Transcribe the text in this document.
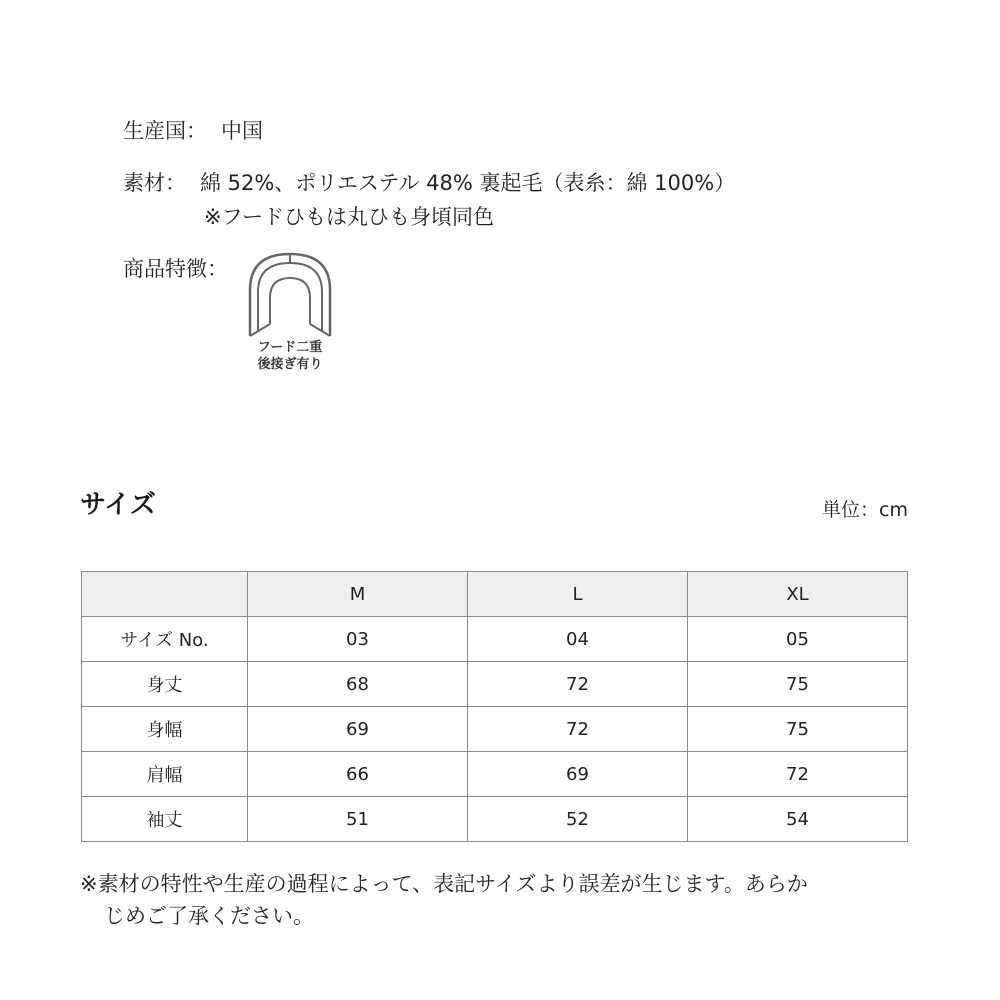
生産国： 中国
素材： 綿 52%、ポリエステル 48% 裏起毛（表糸：綿 100%）
※フードひもは丸ひも身頃同色
商品特徴：
フード二重
後接ぎ有り
サイズ	単位：cm
	M	L	XL
サイズ No.	03	04	05
身丈	68	72	75
身幅	69	72	75
肩幅	66	69	72
袖丈	51	52	54
※素材の特性や生産の過程によって、表記サイズより誤差が生じます。あらか
じめご了承ください。
